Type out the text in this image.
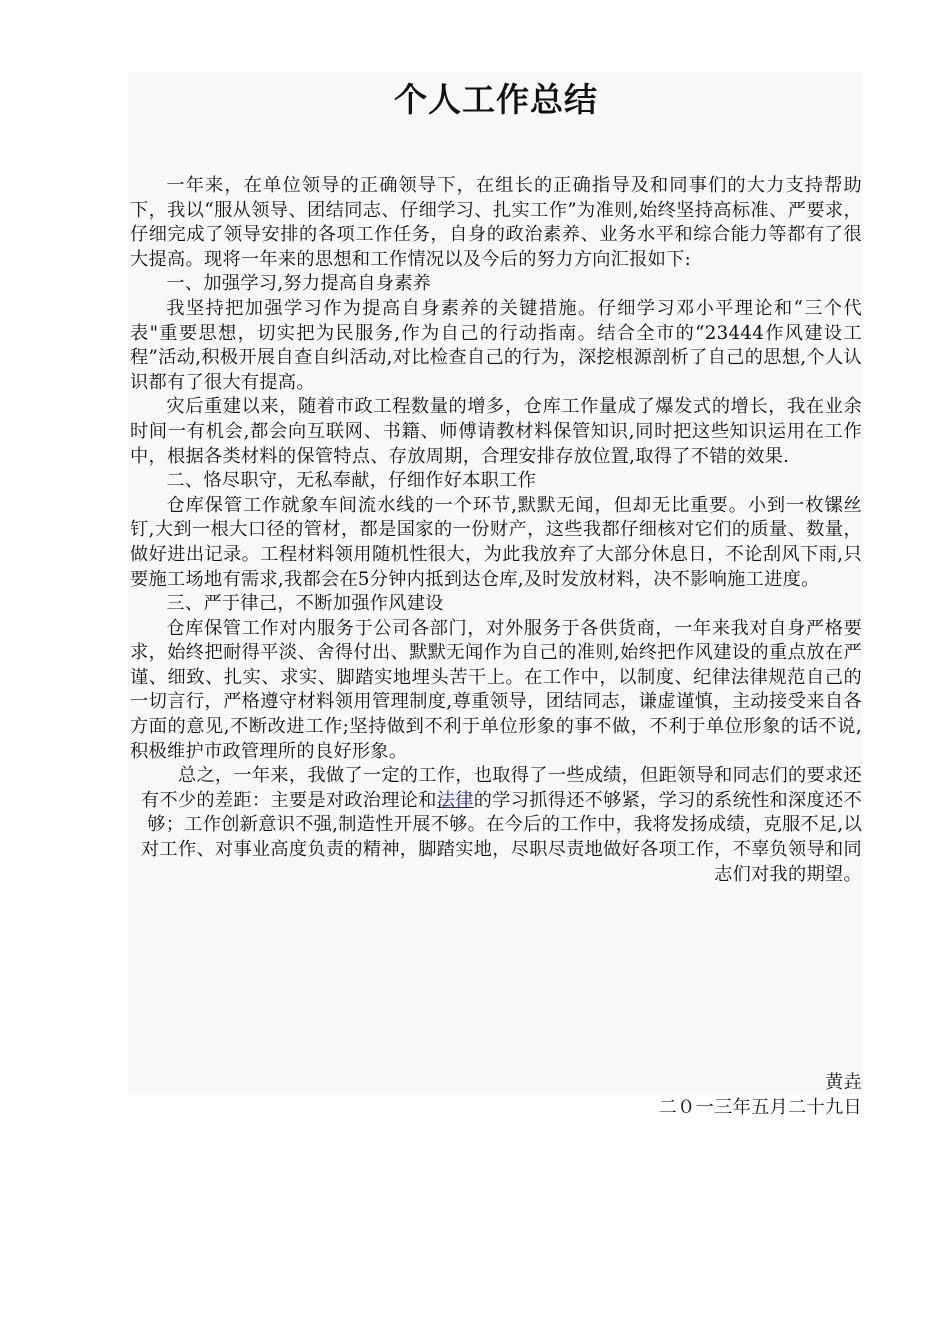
个人工作总结

一年来，在单位领导的正确领导下，在组长的正确指导及和同事们的大力支持帮助下，我以“服从领导、团结同志、仔细学习、扎实工作”为准则,始终坚持高标准、严要求，仔细完成了领导安排的各项工作任务，自身的政治素养、业务水平和综合能力等都有了很大提高。现将一年来的思想和工作情况以及今后的努力方向汇报如下:

一、加强学习,努力提高自身素养

我坚持把加强学习作为提高自身素养的关键措施。仔细学习邓小平理论和“三个代表"重要思想，切实把为民服务,作为自己的行动指南。结合全市的“23444作风建设工程”活动,积极开展自查自纠活动,对比检查自己的行为，深挖根源剖析了自己的思想,个人认识都有了很大有提高。

灾后重建以来，随着市政工程数量的增多，仓库工作量成了爆发式的增长，我在业余时间一有机会,都会向互联网、书籍、师傅请教材料保管知识,同时把这些知识运用在工作中，根据各类材料的保管特点、存放周期，合理安排存放位置,取得了不错的效果.

二、恪尽职守，无私奉献，仔细作好本职工作

仓库保管工作就象车间流水线的一个环节,默默无闻，但却无比重要。小到一枚镙丝钉,大到一根大口径的管材，都是国家的一份财产，这些我都仔细核对它们的质量、数量，做好进出记录。工程材料领用随机性很大，为此我放弃了大部分休息日，不论刮风下雨,只要施工场地有需求,我都会在5分钟内抵到达仓库,及时发放材料，决不影响施工进度。

三、严于律己，不断加强作风建设

仓库保管工作对内服务于公司各部门，对外服务于各供货商，一年来我对自身严格要求，始终把耐得平淡、舍得付出、默默无闻作为自己的准则,始终把作风建设的重点放在严谨、细致、扎实、求实、脚踏实地埋头苦干上。在工作中，以制度、纪律法律规范自己的一切言行，严格遵守材料领用管理制度,尊重领导，团结同志，谦虚谨慎，主动接受来自各方面的意见,不断改进工作;坚持做到不利于单位形象的事不做，不利于单位形象的话不说,积极维护市政管理所的良好形象。

总之，一年来，我做了一定的工作，也取得了一些成绩，但距领导和同志们的要求还有不少的差距：主要是对政治理论和法律的学习抓得还不够紧，学习的系统性和深度还不够；工作创新意识不强,制造性开展不够。在今后的工作中，我将发扬成绩，克服不足,以对工作、对事业高度负责的精神，脚踏实地，尽职尽责地做好各项工作，不辜负领导和同志们对我的期望。

黄垚
二０一三年五月二十九日
